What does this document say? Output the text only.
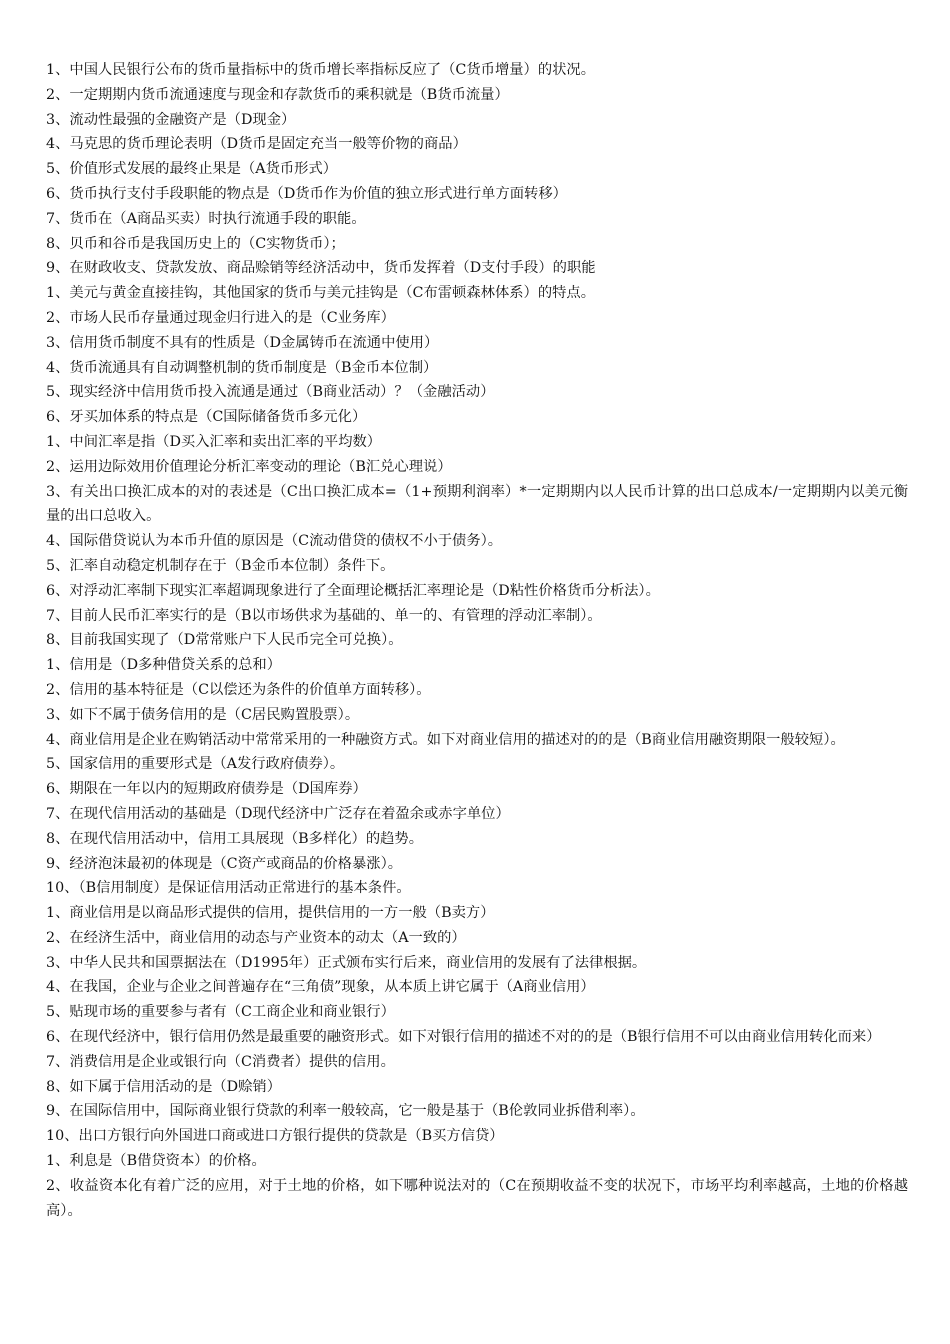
1、中国人民银行公布的货币量指标中的货币增长率指标反应了（C货币增量）的状况。

2、一定期期内货币流通速度与现金和存款货币的乘积就是（B货币流量）

3、流动性最强的金融资产是（D现金）

4、马克思的货币理论表明（D货币是固定充当一般等价物的商品）

5、价值形式发展的最终止果是（A货币形式）

6、货币执行支付手段职能的物点是（D货币作为价值的独立形式进行单方面转移）

7、货币在（A商品买卖）时执行流通手段的职能。

8、贝币和谷币是我国历史上的（C实物货币）；

9、在财政收支、贷款发放、商品赊销等经济活动中，货币发挥着（D支付手段）的职能

1、美元与黄金直接挂钩，其他国家的货币与美元挂钩是（C布雷顿森林体系）的特点。

2、市场人民币存量通过现金归行进入的是（C业务库）

3、信用货币制度不具有的性质是（D金属铸币在流通中使用）

4、货币流通具有自动调整机制的货币制度是（B金币本位制）

5、现实经济中信用货币投入流通是通过（B商业活动）？（金融活动）

6、牙买加体系的特点是（C国际储备货币多元化）

1、中间汇率是指（D买入汇率和卖出汇率的平均数）

2、运用边际效用价值理论分析汇率变动的理论（B汇兑心理说）

3、有关出口换汇成本的对的表述是（C出口换汇成本=（1+预期利润率）*一定期期内以人民币计算的出口总成本/一定期期内以美元衡量的出口总收入。

4、国际借贷说认为本币升值的原因是（C流动借贷的债权不小于债务）。

5、汇率自动稳定机制存在于（B金币本位制）条件下。

6、对浮动汇率制下现实汇率超调现象进行了全面理论概括汇率理论是（D粘性价格货币分析法）。

7、目前人民币汇率实行的是（B以市场供求为基础的、单一的、有管理的浮动汇率制）。

8、目前我国实现了（D常常账户下人民币完全可兑换）。

1、信用是（D多种借贷关系的总和）

2、信用的基本特征是（C以偿还为条件的价值单方面转移）。

3、如下不属于债务信用的是（C居民购置股票）。

4、商业信用是企业在购销活动中常常采用的一种融资方式。如下对商业信用的描述对的的是（B商业信用融资期限一般较短）。

5、国家信用的重要形式是（A发行政府债券）。

6、期限在一年以内的短期政府债券是（D国库券）

7、在现代信用活动的基础是（D现代经济中广泛存在着盈余或赤字单位）

8、在现代信用活动中，信用工具展现（B多样化）的趋势。

9、经济泡沫最初的体现是（C资产或商品的价格暴涨）。

10、（B信用制度）是保证信用活动正常进行的基本条件。

1、商业信用是以商品形式提供的信用，提供信用的一方一般（B卖方）

2、在经济生活中，商业信用的动态与产业资本的动太（A一致的）

3、中华人民共和国票据法在（D1995年）正式颁布实行后来，商业信用的发展有了法律根据。

4、在我国，企业与企业之间普遍存在“三角债”现象，从本质上讲它属于（A商业信用）

5、贴现市场的重要参与者有（C工商企业和商业银行）

6、在现代经济中，银行信用仍然是最重要的融资形式。如下对银行信用的描述不对的的是（B银行信用不可以由商业信用转化而来）

7、消费信用是企业或银行向（C消费者）提供的信用。

8、如下属于信用活动的是（D赊销）

9、在国际信用中，国际商业银行贷款的利率一般较高，它一般是基于（B伦敦同业拆借利率）。

10、出口方银行向外国进口商或进口方银行提供的贷款是（B买方信贷）

1、利息是（B借贷资本）的价格。

2、收益资本化有着广泛的应用，对于土地的价格，如下哪种说法对的（C在预期收益不变的状况下，市场平均利率越高，土地的价格越高）。
